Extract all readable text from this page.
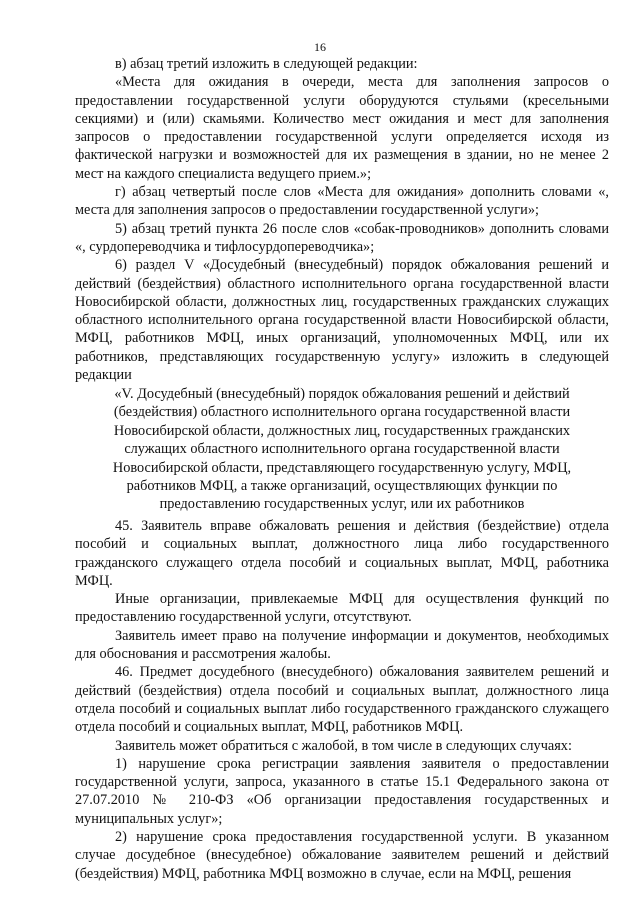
16

в) абзац третий изложить в следующей редакции:

«Места для ожидания в очереди, места для заполнения запросов о предоставлении государственной услуги оборудуются стульями (кресельными секциями) и (или) скамьями. Количество мест ожидания и мест для заполнения запросов о предоставлении государственной услуги определяется исходя из фактической нагрузки и возможностей для их размещения в здании, но не менее 2 мест на каждого специалиста ведущего прием.»;

г) абзац четвертый после слов «Места для ожидания» дополнить словами «, места для заполнения запросов о предоставлении государственной услуги»;

5) абзац третий пункта 26 после слов «собак-проводников» дополнить словами «, сурдопереводчика и тифлосурдопереводчика»;

6) раздел V «Досудебный (внесудебный) порядок обжалования решений и действий (бездействия) областного исполнительного органа государственной власти Новосибирской области, должностных лиц, государственных гражданских служащих областного исполнительного органа государственной власти Новосибирской области, МФЦ, работников МФЦ, иных организаций, уполномоченных МФЦ, или их работников, представляющих государственную услугу» изложить в следующей редакции

«V. Досудебный (внесудебный) порядок обжалования решений и действий (бездействия) областного исполнительного органа государственной власти Новосибирской области, должностных лиц, государственных гражданских служащих областного исполнительного органа государственной власти Новосибирской области, представляющего государственную услугу, МФЦ, работников МФЦ, а также организаций, осуществляющих функции по предоставлению государственных услуг, или их работников

45. Заявитель вправе обжаловать решения и действия (бездействие) отдела пособий и социальных выплат, должностного лица либо государственного гражданского служащего отдела пособий и социальных выплат, МФЦ, работника МФЦ.

Иные организации, привлекаемые МФЦ для осуществления функций по предоставлению государственной услуги, отсутствуют.

Заявитель имеет право на получение информации и документов, необходимых для обоснования и рассмотрения жалобы.

46. Предмет досудебного (внесудебного) обжалования заявителем решений и действий (бездействия) отдела пособий и социальных выплат, должностного лица отдела пособий и социальных выплат либо государственного гражданского служащего отдела пособий и социальных выплат, МФЦ, работников МФЦ.

Заявитель может обратиться с жалобой, в том числе в следующих случаях:

1) нарушение срока регистрации заявления заявителя о предоставлении государственной услуги, запроса, указанного в статье 15.1 Федерального закона от 27.07.2010 № 210-ФЗ «Об организации предоставления государственных и муниципальных услуг»;

2) нарушение срока предоставления государственной услуги. В указанном случае досудебное (внесудебное) обжалование заявителем решений и действий (бездействия) МФЦ, работника МФЦ возможно в случае, если на МФЦ, решения
